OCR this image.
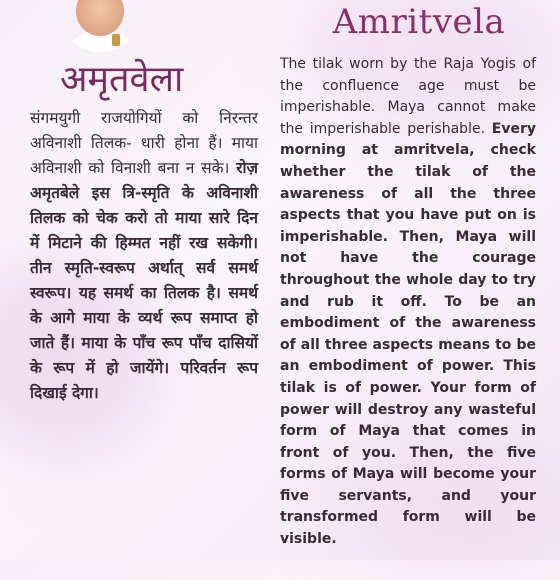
Amritvela
अमृतवेला

संगमयुगी राजयोगियों को निरन्तर अविनाशी तिलक- धारी होना हैं। माया अविनाशी को विनाशी बना न सके। रोज़ अमृतबेले इस त्रि-स्मृति के अविनाशी तिलक को चेक करो तो माया सारे दिन में मिटाने की हिम्मत नहीं रख सकेगी। तीन स्मृति-स्वरूप अर्थात् सर्व समर्थ स्वरूप। यह समर्थ का तिलक है। समर्थ के आगे माया के व्यर्थ रूप समाप्त हो जाते हैं। माया के पाँच रूप पाँच दासियों के रूप में हो जायेंगे। परिवर्तन रूप दिखाई देगा।

The tilak worn by the Raja Yogis of the confluence age must be imperishable. Maya cannot make the imperishable perishable. Every morning at amritvela, check whether the tilak of the awareness of all the three aspects that you have put on is imperishable. Then, Maya will not have the courage throughout the whole day to try and rub it off. To be an embodiment of the awareness of all three aspects means to be an embodiment of power. This tilak is of power. Your form of power will destroy any wasteful form of Maya that comes in front of you. Then, the five forms of Maya will become your five servants, and your transformed form will be visible.
